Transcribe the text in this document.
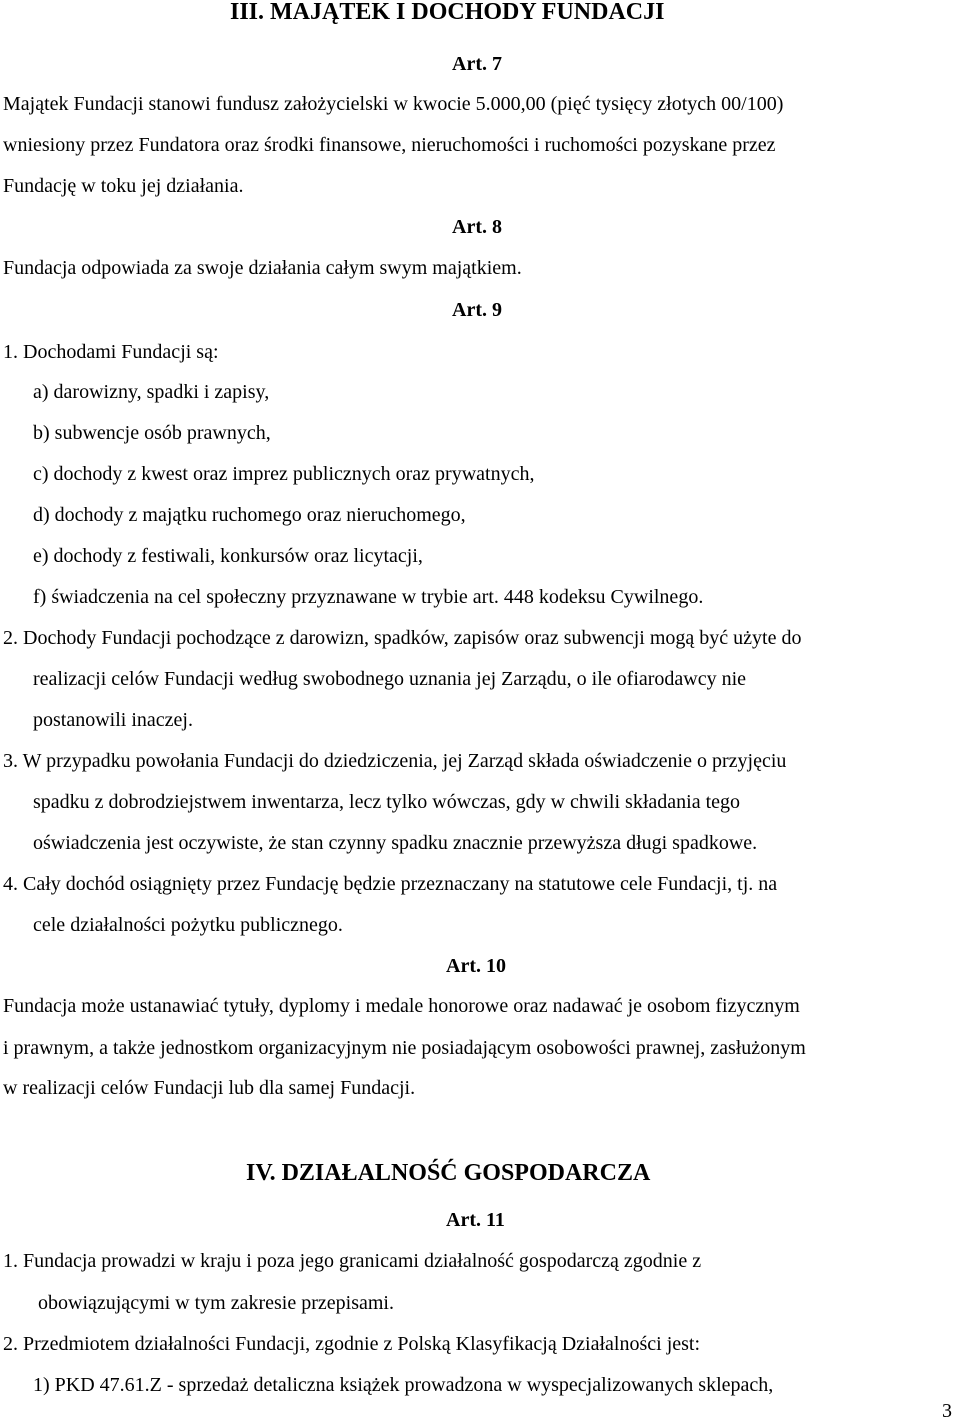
III. MAJĄTEK I DOCHODY FUNDACJI
Art. 7
Majątek Fundacji stanowi fundusz założycielski w kwocie 5.000,00 (pięć tysięcy złotych 00/100)
wniesiony przez Fundatora oraz środki finansowe, nieruchomości i ruchomości pozyskane przez
Fundację w toku jej działania.
Art. 8
Fundacja odpowiada za swoje działania całym swym majątkiem.
Art. 9
1. Dochodami Fundacji są:
a) darowizny, spadki i zapisy,
b) subwencje osób prawnych,
c) dochody z kwest oraz imprez publicznych oraz prywatnych,
d) dochody z majątku ruchomego oraz nieruchomego,
e) dochody z festiwali, konkursów oraz licytacji,
f) świadczenia na cel społeczny przyznawane w trybie art. 448 kodeksu Cywilnego.
2. Dochody Fundacji pochodzące z darowizn, spadków, zapisów oraz subwencji mogą być użyte do
realizacji celów Fundacji według swobodnego uznania jej Zarządu, o ile ofiarodawcy nie
postanowili inaczej.
3. W przypadku powołania Fundacji do dziedziczenia, jej Zarząd składa oświadczenie o przyjęciu
spadku z dobrodziejstwem inwentarza, lecz tylko wówczas, gdy w chwili składania tego
oświadczenia jest oczywiste, że stan czynny spadku znacznie przewyższa długi spadkowe.
4. Cały dochód osiągnięty przez Fundację będzie przeznaczany na statutowe cele Fundacji, tj. na
cele działalności pożytku publicznego.
Art. 10
Fundacja może ustanawiać tytuły, dyplomy i medale honorowe oraz nadawać je osobom fizycznym
i prawnym, a także jednostkom organizacyjnym nie posiadającym osobowości prawnej, zasłużonym
w realizacji celów Fundacji lub dla samej Fundacji.
IV. DZIAŁALNOŚĆ GOSPODARCZA
Art. 11
1. Fundacja prowadzi w kraju i poza jego granicami działalność gospodarczą zgodnie z
obowiązującymi w tym zakresie przepisami.
2. Przedmiotem działalności Fundacji, zgodnie z Polską Klasyfikacją Działalności jest:
1) PKD 47.61.Z - sprzedaż detaliczna książek prowadzona w wyspecjalizowanych sklepach,
3
